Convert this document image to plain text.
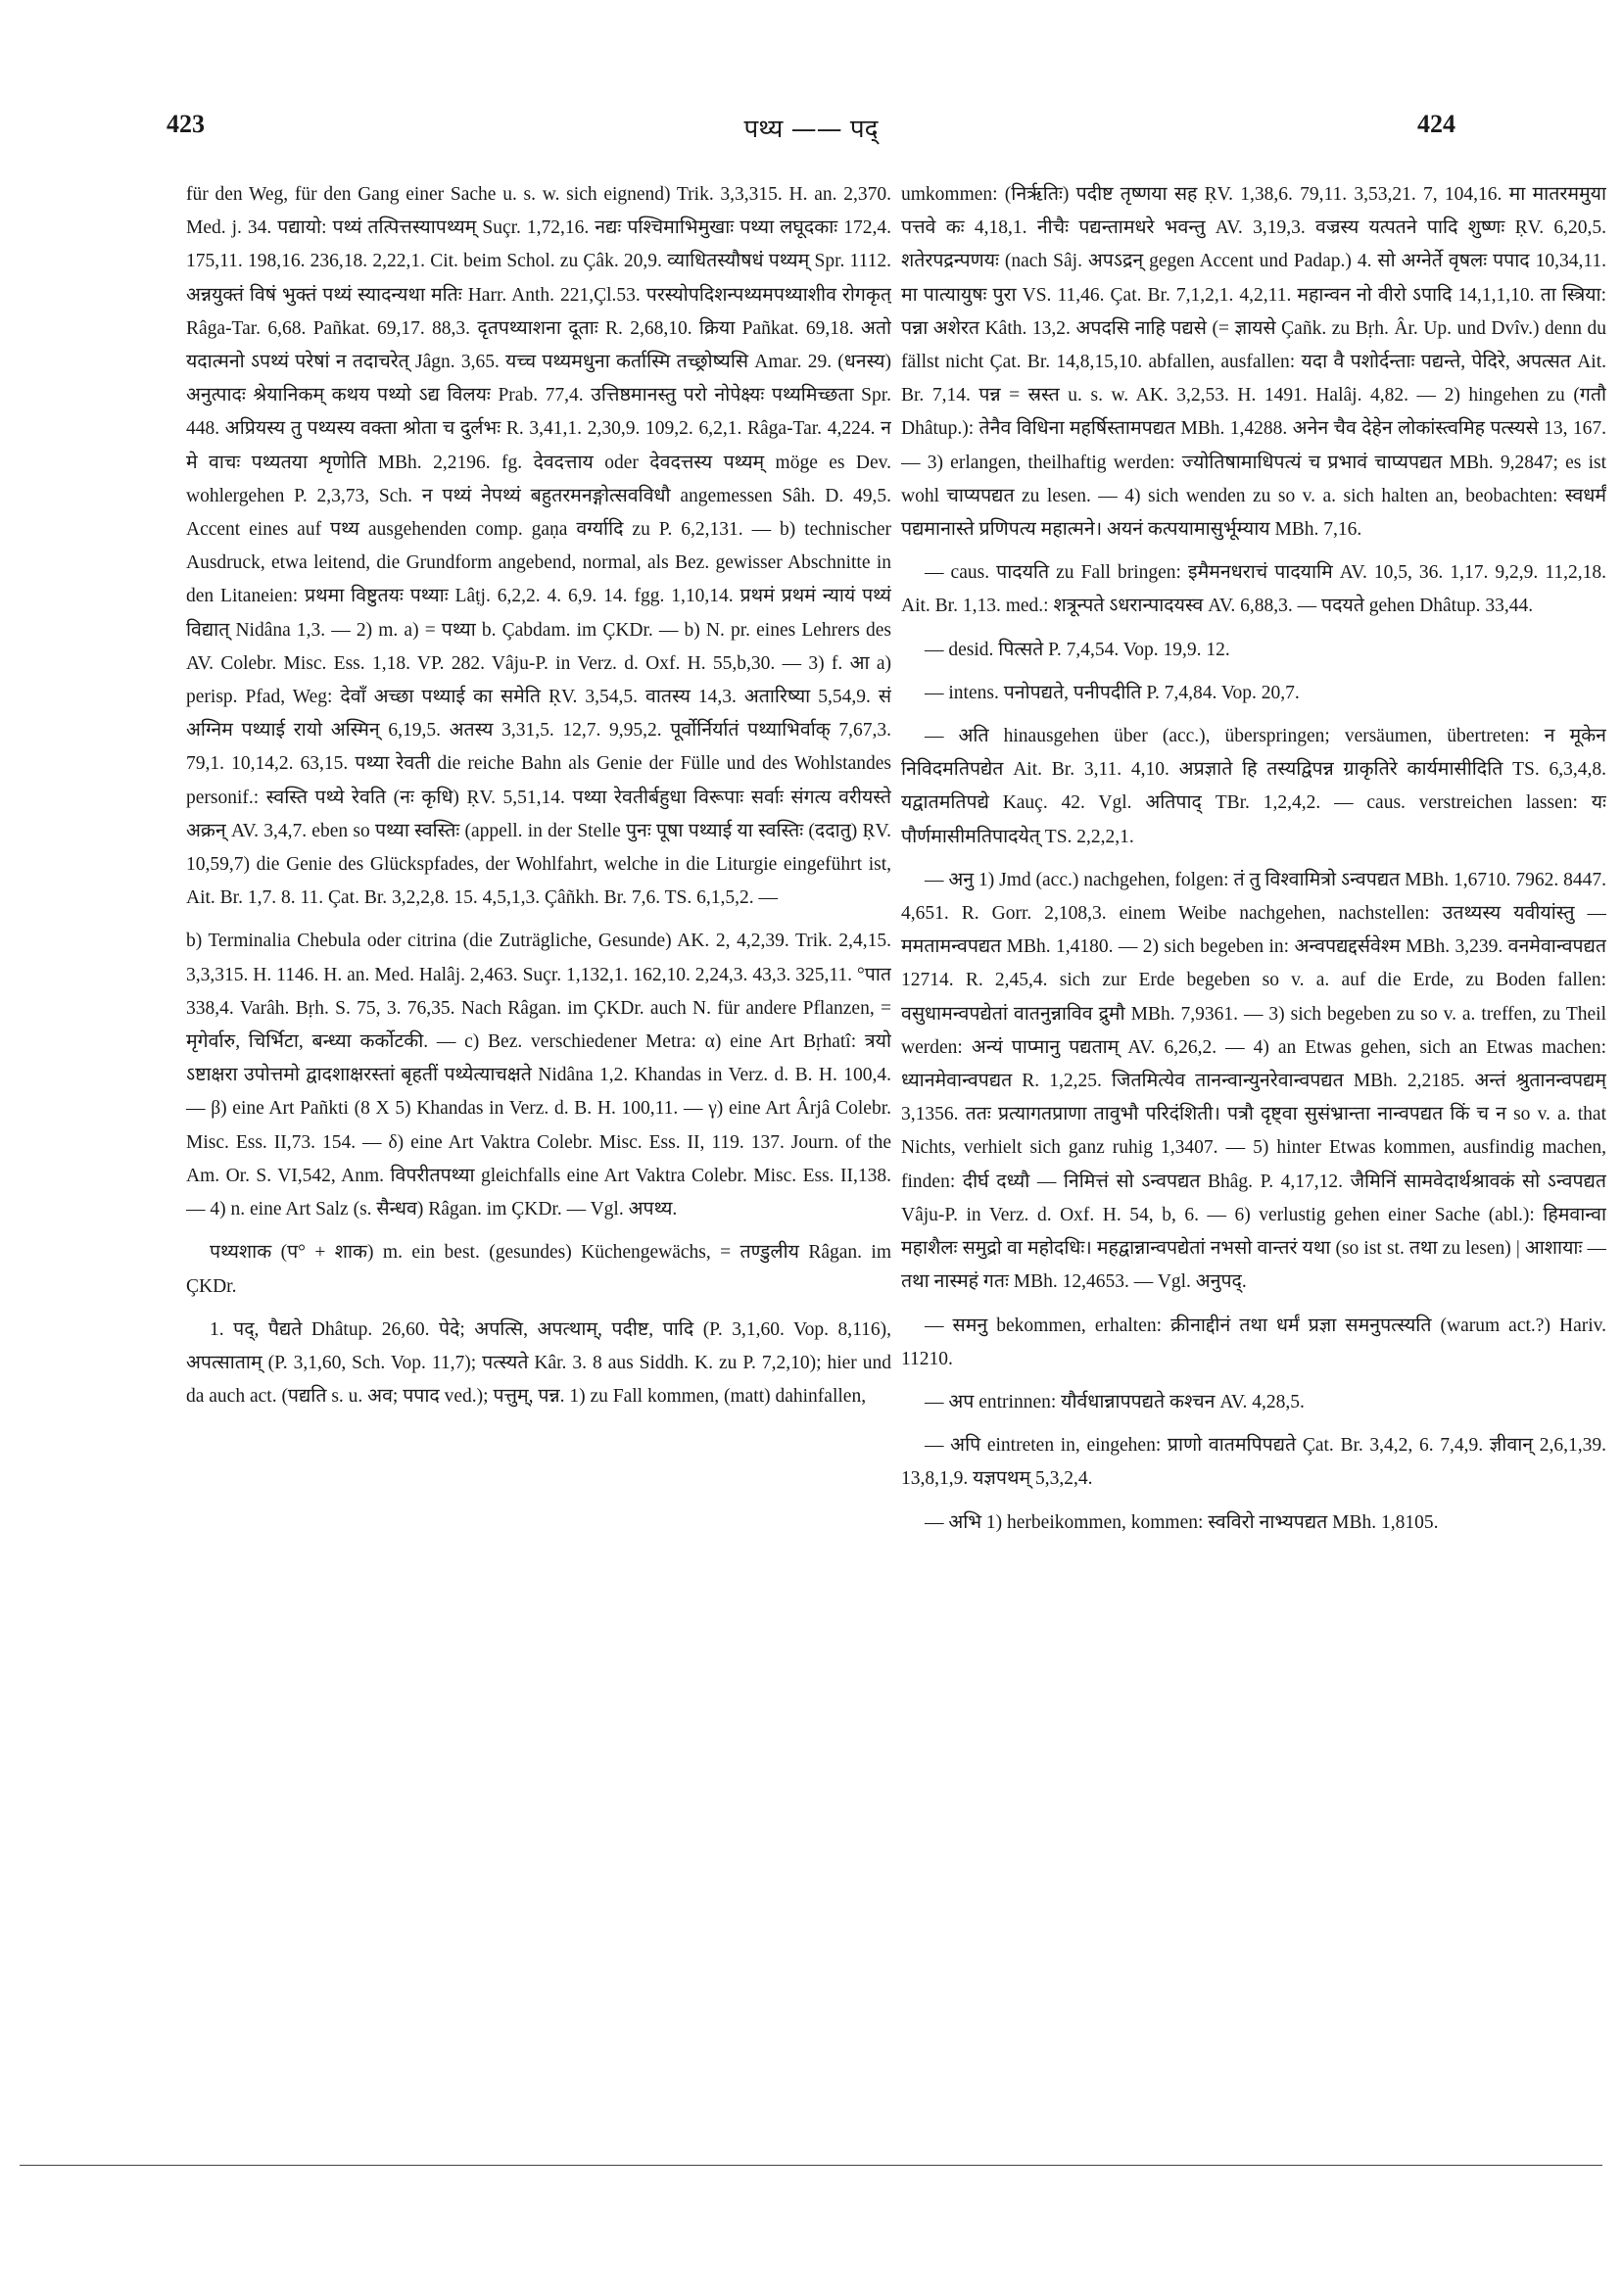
423	पथ्य —— पद्	424

für den Weg, für den Gang einer Sache u. s. w. sich eignend) Trik. 3,3,315. H. an. 2,370. Med. j. 34. पद्यायो: पथ्यं तत्पित्तस्यापथ्यम् Suçr. 1,72,16. नद्यः पश्चिमाभिमुखाः पथ्या लघूदकाः 172,4. 175,11. 198,16. 236,18. 2,22,1. Cit. beim Schol. zu Çâk. 20,9. व्याधितस्यौषधं पथ्यम् Spr. 1112. अन्नयुक्तं विषं भुक्तं पथ्यं स्यादन्यथा मतिः Harr. Anth. 221,Çl.53. परस्योपदिशन्पथ्यमपथ्याशीव रोगकृत् Râga-Tar. 6,68. Pañkat. 69,17. 88,3. दृतपथ्याशना दूताः R. 2,68,10. क्रिया Pañkat. 69,18. अतो यदात्मनो ऽपथ्यं परेषां न तदाचरेत् Jâgn. 3,65. यच्च पथ्यमधुना कर्तास्मि तच्छ्रोष्यसि Amar. 29. (धनस्य) अनुत्पादः श्रेयानिकम् कथय पथ्यो ऽद्य विलयः Prab. 77,4. उत्तिष्ठमानस्तु परो नोपेक्ष्यः पथ्यमिच्छता Spr. 448. अप्रियस्य तु पथ्यस्य वक्ता श्रोता च दुर्लभः R. 3,41,1. 2,30,9. 109,2. 6,2,1. Râga-Tar. 4,224. न मे वाचः पथ्यतया शृणोति MBh. 2,2196. fg. देवदत्ताय oder देवदत्तस्य पथ्यम् möge es Dev. wohlergehen P. 2,3,73, Sch. न पथ्यं नेपथ्यं बहुतरमनङ्गोत्सवविधौ angemessen Sâh. D. 49,5. Accent eines auf पथ्य ausgehenden comp. gaṇa वर्ग्यादि zu P. 6,2,131. — b) technischer Ausdruck, etwa leitend, die Grundform angebend, normal, als Bez. gewisser Abschnitte in den Litaneien: प्रथमा विष्टुतयः पथ्याः Lâṭj. 6,2,2. 4. 6,9. 14. fgg. 1,10,14. प्रथमं प्रथमं न्यायं पथ्यं विद्यात् Nidâna 1,3. — 2) m. a) = पथ्या b. Çabdam. im ÇKDr. — b) N. pr. eines Lehrers des AV. Colebr. Misc. Ess. 1,18. VP. 282. Vâju-P. in Verz. d. Oxf. H. 55,b,30. — 3) f. आ a) perisp. Pfad, Weg: देवाँ अच्छा पथ्याई का समेति ṚV. 3,54,5. वातस्य 14,3. अतारिष्या 5,54,9. सं अग्निम पथ्याई रायो अस्मिन् 6,19,5. अतस्य 3,31,5. 12,7. 9,95,2. पूर्वोर्निर्यातं पथ्याभिर्वाक् 7,67,3. 79,1. 10,14,2. 63,15. पथ्या रेवती die reiche Bahn als Genie der Fülle und des Wohlstandes personif.: स्वस्ति पथ्ये रेवति (नः कृधि) ṚV. 5,51,14. पथ्या रेवतीर्बहुधा विरूपाः सर्वाः संगत्य वरीयस्ते अक्रन् AV. 3,4,7. eben so पथ्या स्वस्तिः (appell. in der Stelle पुनः पूषा पथ्याई या स्वस्तिः (ददातु) ṚV. 10,59,7) die Genie des Glückspfades, der Wohlfahrt, welche in die Liturgie eingeführt ist, Ait. Br. 1,7. 8. 11. Çat. Br. 3,2,2,8. 15. 4,5,1,3. Çâñkh. Br. 7,6. TS. 6,1,5,2. —

b) Terminalia Chebula oder citrina (die Zuträgliche, Gesunde) AK. 2, 4,2,39. Trik. 2,4,15. 3,3,315. H. 1146. H. an. Med. Halâj. 2,463. Suçr. 1,132,1. 162,10. 2,24,3. 43,3. 325,11. °पात 338,4. Varâh. Bṛh. S. 75, 3. 76,35. Nach Râgan. im ÇKDr. auch N. für andere Pflanzen, = मृगेर्वारु, चिर्भिटा, बन्ध्या कर्कोटकी. — c) Bez. verschiedener Metra: α) eine Art Bṛhatî: त्रयो ऽष्टाक्षरा उपोत्तमो द्वादशाक्षरस्तां बृहतीं पथ्येत्याचक्षते Nidâna 1,2. Khandas in Verz. d. B. H. 100,4. — β) eine Art Pañkti (8 X 5) Khandas in Verz. d. B. H. 100,11. — γ) eine Art Ârjâ Colebr. Misc. Ess. II,73. 154. — δ) eine Art Vaktra Colebr. Misc. Ess. II, 119. 137. Journ. of the Am. Or. S. VI,542, Anm. विपरीतपथ्या gleichfalls eine Art Vaktra Colebr. Misc. Ess. II,138. — 4) n. eine Art Salz (s. सैन्धव) Râgan. im ÇKDr. — Vgl. अपथ्य.

पथ्यशाक (प° + शाक) m. ein best. (gesundes) Küchengewächs, = तण्डुलीय Râgan. im ÇKDr.

1. पद्, पैद्यते Dhâtup. 26,60. पेदे; अपत्सि, अपत्थाम्, पदीष्ट, पादि (P. 3,1,60. Vop. 8,116), अपत्साताम् (P. 3,1,60, Sch. Vop. 11,7); पत्स्यते Kâr. 3. 8 aus Siddh. K. zu P. 7,2,10); hier und da auch act. (पद्यति s. u. अव; पपाद ved.); पत्तुम्, पन्न. 1) zu Fall kommen, (matt) dahinfallen,

umkommen: (निर्ऋतिः) पदीष्ट तृष्णया सह ṚV. 1,38,6. 79,11. 3,53,21. 7, 104,16. मा मातरममुया पत्तवे कः 4,18,1. नीचैः पद्यन्तामधरे भवन्तु AV. 3,19,3. वज्रस्य यत्पतने पादि शुष्णः ṚV. 6,20,5. शतेरपद्रन्पणयः (nach Sâj. अपऽद्रन् gegen Accent und Padap.) 4. सो अग्नेर्ते वृषलः पपाद 10,34,11. मा पात्यायुषः पुरा VS. 11,46. Çat. Br. 7,1,2,1. 4,2,11. महान्वन नो वीरो ऽपादि 14,1,1,10. ता स्त्रिया: पन्ना अशेरत Kâth. 13,2. अपदसि नाहि पद्यसे (= ज्ञायसे Çañk. zu Bṛh. Âr. Up. und Dvîv.) denn du fällst nicht Çat. Br. 14,8,15,10. abfallen, ausfallen: यदा वै पशोर्दन्ताः पद्यन्ते, पेदिरे, अपत्सत Ait. Br. 7,14. पन्न = स्रस्त u. s. w. AK. 3,2,53. H. 1491. Halâj. 4,82. — 2) hingehen zu (गतौ Dhâtup.): तेनैव विधिना महर्षिस्तामपद्यत MBh. 1,4288. अनेन चैव देहेन लोकांस्त्वमिह पत्स्यसे 13, 167. — 3) erlangen, theilhaftig werden: ज्योतिषामाधिपत्यं च प्रभावं चाप्यपद्यत MBh. 9,2847; es ist wohl चाप्यपद्यत zu lesen. — 4) sich wenden zu so v. a. sich halten an, beobachten: स्वधर्मं पद्यमानास्ते प्रणिपत्य महात्मने। अयनं कत्पयामासुर्भूम्याय MBh. 7,16.

— caus. पादयति zu Fall bringen: इमैमनधराचं पादयामि AV. 10,5, 36. 1,17. 9,2,9. 11,2,18. Ait. Br. 1,13. med.: शत्रून्पते ऽधरान्पादयस्व AV. 6,88,3. — पदयते gehen Dhâtup. 33,44.

— desid. पित्सते P. 7,4,54. Vop. 19,9. 12.

— intens. पनोपद्यते, पनीपदीति P. 7,4,84. Vop. 20,7.

— अति hinausgehen über (acc.), überspringen; versäumen, übertreten: न मूकेन निविदमतिपद्येत Ait. Br. 3,11. 4,10. अप्रज्ञाते हि तस्यद्विपन्न ग्राकृतिरे कार्यमासीदिति TS. 6,3,4,8. यद्वातमतिपद्ये Kauç. 42. Vgl. अतिपाद् TBr. 1,2,4,2. — caus. verstreichen lassen: यः पौर्णमासीमतिपादयेत् TS. 2,2,2,1.

— अनु 1) Jmd (acc.) nachgehen, folgen: तं तु विश्वामित्रो ऽन्वपद्यत MBh. 1,6710. 7962. 8447. 4,651. R. Gorr. 2,108,3. einem Weibe nachgehen, nachstellen: उतथ्यस्य यवीयांस्तु — ममतामन्वपद्यत MBh. 1,4180. — 2) sich begeben in: अन्वपद्यद्दर्सवेश्म MBh. 3,239. वनमेवान्वपद्यत 12714. R. 2,45,4. sich zur Erde begeben so v. a. auf die Erde, zu Boden fallen: वसुधामन्वपद्येतां वातनुन्नाविव द्रुमौ MBh. 7,9361. — 3) sich begeben zu so v. a. treffen, zu Theil werden: अन्यं पाप्मानु पद्यताम् AV. 6,26,2. — 4) an Etwas gehen, sich an Etwas machen: ध्यानमेवान्वपद्यत R. 1,2,25. जितमित्येव तानन्वान्युनरेवान्वपद्यत MBh. 2,2185. अन्तं श्रुतानन्वपद्यम् 3,1356. ततः प्रत्यागतप्राणा तावुभौ परिदंशिती। पत्रौ दृष्ट्वा सुसंभ्रान्ता नान्वपद्यत किं च न so v. a. that Nichts, verhielt sich ganz ruhig 1,3407. — 5) hinter Etwas kommen, ausfindig machen, finden: दीर्घ दध्यौ — निमित्तं सो ऽन्वपद्यत Bhâg. P. 4,17,12. जैमिनिं सामवेदार्थश्रावकं सो ऽन्वपद्यत Vâju-P. in Verz. d. Oxf. H. 54, b, 6. — 6) verlustig gehen einer Sache (abl.): हिमवान्वा महाशैलः समुद्रो वा महोदधिः। महद्वान्नान्वपद्येतां नभसो वान्तरं यथा (so ist st. तथा zu lesen) | आशायाः — तथा नास्महं गतः MBh. 12,4653. — Vgl. अनुपद्.

— समनु bekommen, erhalten: क्रीनाद्दीनं तथा धर्मं प्रज्ञा समनुपत्स्यति (warum act.?) Hariv. 11210.

— अप entrinnen: यौर्वधान्नापपद्यते कश्चन AV. 4,28,5.

— अपि eintreten in, eingehen: प्राणो वातमपिपद्यते Çat. Br. 3,4,2, 6. 7,4,9. ज्ञीवान् 2,6,1,39. 13,8,1,9. यज्ञपथम् 5,3,2,4.

— अभि 1) herbeikommen, kommen: स्वविरो नाभ्यपद्यत MBh. 1,8105.
